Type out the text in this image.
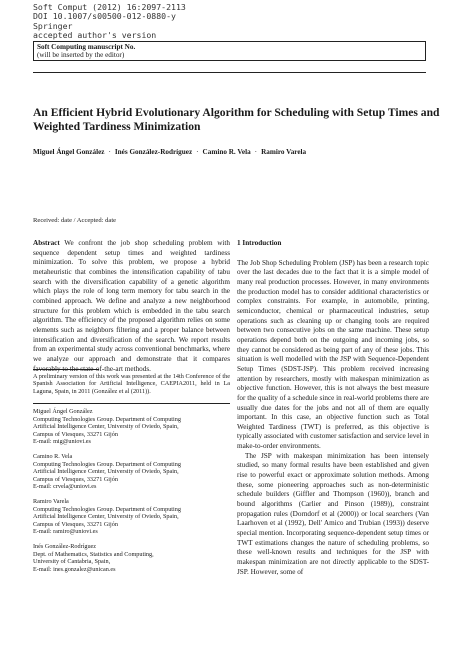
Soft Comput (2012) 16:2097-2113
DOI 10.1007/s00500-012-0880-y
Springer
accepted author's version
Soft Computing manuscript No.
(will be inserted by the editor)
An Efficient Hybrid Evolutionary Algorithm for Scheduling with Setup Times and Weighted Tardiness Minimization
Miguel Ángel González · Inés González-Rodríguez · Camino R. Vela · Ramiro Varela
Received: date / Accepted: date
Abstract We confront the job shop scheduling problem with sequence dependent setup times and weighted tardiness minimization. To solve this problem, we propose a hybrid metaheuristic that combines the intensification capability of tabu search with the diversification capability of a genetic algorithm which plays the role of long term memory for tabu search in the combined approach. We define and analyze a new neighborhood structure for this problem which is embedded in the tabu search algorithm. The efficiency of the proposed algorithm relies on some elements such as neighbors filtering and a proper balance between intensification and diversification of the search. We report results from an experimental study across conventional benchmarks, where we analyze our approach and demonstrate that it compares favorably to the state-of-the-art methods.
A preliminary version of this work was presented at the 14th Conference of the Spanish Association for Artificial Intelligence, CAEPIA2011, held in La Laguna, Spain, in 2011 (González et al (2011)).
Miguel Ángel González
Computing Technologies Group. Department of Computing
Artificial Intelligence Center, University of Oviedo, Spain,
Campus of Viesques, 33271 Gijón
E-mail: mig@uniovi.es
Camino R. Vela
Computing Technologies Group. Department of Computing
Artificial Intelligence Center, University of Oviedo, Spain,
Campus of Viesques, 33271 Gijón
E-mail: crvela@uniovi.es
Ramiro Varela
Computing Technologies Group. Department of Computing
Artificial Intelligence Center, University of Oviedo, Spain,
Campus of Viesques, 33271 Gijón
E-mail: ramiro@uniovi.es
Inés González-Rodríguez
Dept. of Mathematics, Statistics and Computing,
University of Cantabria, Spain,
E-mail: ines.gonzalez@unican.es
1 Introduction
The Job Shop Scheduling Problem (JSP) has been a research topic over the last decades due to the fact that it is a simple model of many real production processes. However, in many environments the production model has to consider additional characteristics or complex constraints. For example, in automobile, printing, semiconductor, chemical or pharmaceutical industries, setup operations such as cleaning up or changing tools are required between two consecutive jobs on the same machine. These setup operations depend both on the outgoing and incoming jobs, so they cannot be considered as being part of any of these jobs. This situation is well modelled with the JSP with Sequence-Dependent Setup Times (SDST-JSP). This problem received increasing attention by researchers, mostly with makespan minimization as objective function. However, this is not always the best measure for the quality of a schedule since in real-world problems there are usually due dates for the jobs and not all of them are equally important. In this case, an objective function such as Total Weighted Tardiness (TWT) is preferred, as this objective is typically associated with customer satisfaction and service level in make-to-order environments.
The JSP with makespan minimization has been intensely studied, so many formal results have been established and given rise to powerful exact or approximate solution methods. Among these, some pioneering approaches such as non-deterministic schedule builders (Giffler and Thompson (1960)), branch and bound algorithms (Carlier and Pinson (1989)), constraint propagation rules (Dorndorf et al (2000)) or local searchers (Van Laarhoven et al (1992), Dell' Amico and Trubian (1993)) deserve special mention. Incorporating sequence-dependent setup times or TWT estimations changes the nature of scheduling problems, so these well-known results and techniques for the JSP with makespan minimization are not directly applicable to the SDST-JSP. However, some of
